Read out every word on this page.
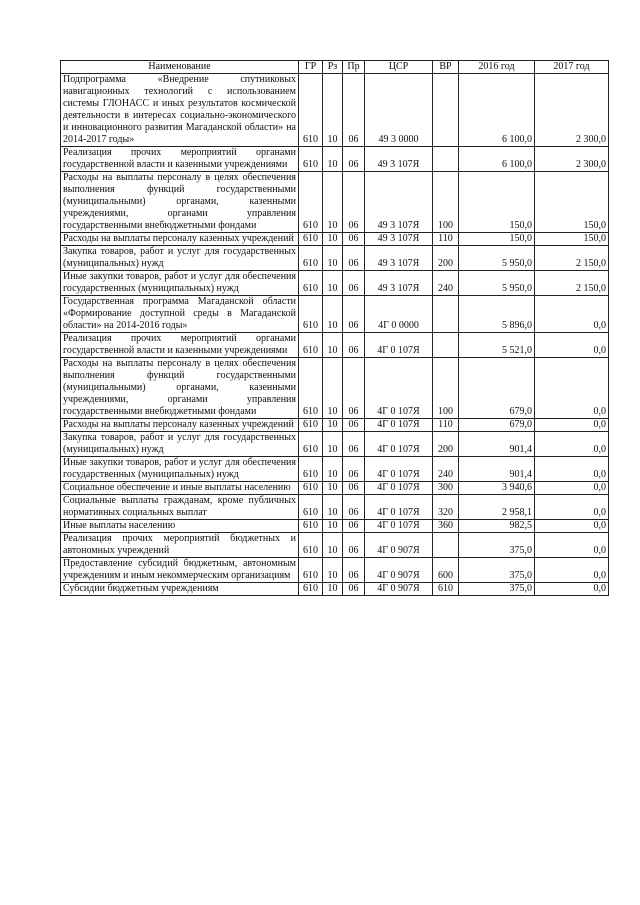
Наименование	ГР	Рз	Пр	ЦСР	ВР	2016 год	2017 год
Подпрограмма «Внедрение спутниковых навигационных технологий с использованием системы ГЛОНАСС и иных результатов космической деятельности в интересах социально-экономического и инновационного развития Магаданской области» на 2014-2017 годы»	610	10	06	49 3 0000		6 100,0	2 300,0
Реализация прочих мероприятий органами государственной власти и казенными учреждениями	610	10	06	49 3 107Я		6 100,0	2 300,0
Расходы на выплаты персоналу в целях обеспечения выполнения функций государственными (муниципальными) органами, казенными учреждениями, органами управления государственными внебюджетными фондами	610	10	06	49 3 107Я	100	150,0	150,0
Расходы на выплаты персоналу казенных учреждений	610	10	06	49 3 107Я	110	150,0	150,0
Закупка товаров, работ и услуг для государственных (муниципальных) нужд	610	10	06	49 3 107Я	200	5 950,0	2 150,0
Иные закупки товаров, работ и услуг для обеспечения государственных (муниципальных) нужд	610	10	06	49 3 107Я	240	5 950,0	2 150,0
Государственная программа Магаданской области «Формирование доступной среды в Магаданской области» на 2014-2016 годы»	610	10	06	4Г 0 0000		5 896,0	0,0
Реализация прочих мероприятий органами государственной власти и казенными учреждениями	610	10	06	4Г 0 107Я		5 521,0	0,0
Расходы на выплаты персоналу в целях обеспечения выполнения функций государственными (муниципальными) органами, казенными учреждениями, органами управления государственными внебюджетными фондами	610	10	06	4Г 0 107Я	100	679,0	0,0
Расходы на выплаты персоналу казенных учреждений	610	10	06	4Г 0 107Я	110	679,0	0,0
Закупка товаров, работ и услуг для государственных (муниципальных) нужд	610	10	06	4Г 0 107Я	200	901,4	0,0
Иные закупки товаров, работ и услуг для обеспечения государственных (муниципальных) нужд	610	10	06	4Г 0 107Я	240	901,4	0,0
Социальное обеспечение и иные выплаты населению	610	10	06	4Г 0 107Я	300	3 940,6	0,0
Социальные выплаты гражданам, кроме публичных нормативных социальных выплат	610	10	06	4Г 0 107Я	320	2 958,1	0,0
Иные выплаты населению	610	10	06	4Г 0 107Я	360	982,5	0,0
Реализация прочих мероприятий бюджетных и автономных учреждений	610	10	06	4Г 0 907Я		375,0	0,0
Предоставление субсидий бюджетным, автономным учреждениям и иным некоммерческим организациям	610	10	06	4Г 0 907Я	600	375,0	0,0
Субсидии бюджетным учреждениям	610	10	06	4Г 0 907Я	610	375,0	0,0
